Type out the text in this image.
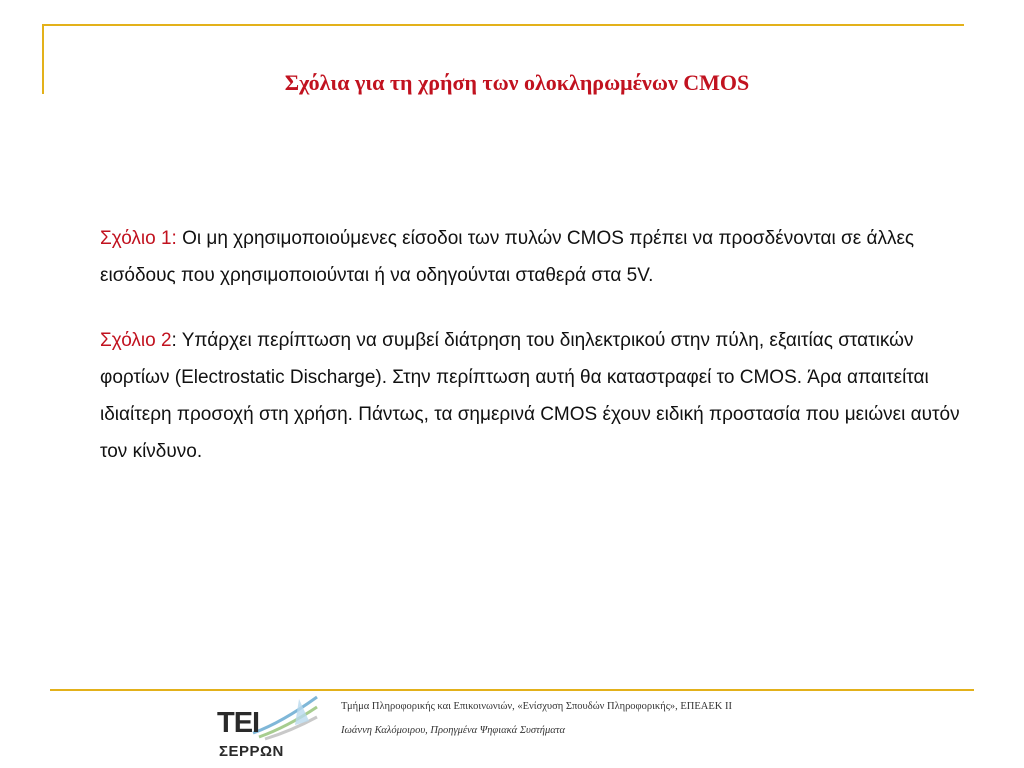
Σχόλια για τη χρήση των ολοκληρωμένων CMOS

Σχόλιο 1: Οι μη χρησιμοποιούμενες είσοδοι των πυλών CMOS πρέπει να προσδένονται σε άλλες εισόδους που χρησιμοποιούνται ή να οδηγούνται σταθερά στα 5V.

Σχόλιο 2: Υπάρχει περίπτωση να συμβεί διάτρηση του διηλεκτρικού στην πύλη, εξαιτίας στατικών φορτίων (Electrostatic Discharge). Στην περίπτωση αυτή θα καταστραφεί το CMOS. Άρα απαιτείται ιδιαίτερη προσοχή στη χρήση. Πάντως, τα σημερινά CMOS έχουν ειδική προστασία που μειώνει αυτόν τον κίνδυνο.

ΤΕΙ
ΣΕΡΡΩΝ

Τμήμα Πληροφορικής και Επικοινωνιών, «Ενίσχυση Σπουδών Πληροφορικής», ΕΠΕΑΕΚ ΙΙ

Ιωάννη Καλόμοιρου, Προηγμένα Ψηφιακά Συστήματα
